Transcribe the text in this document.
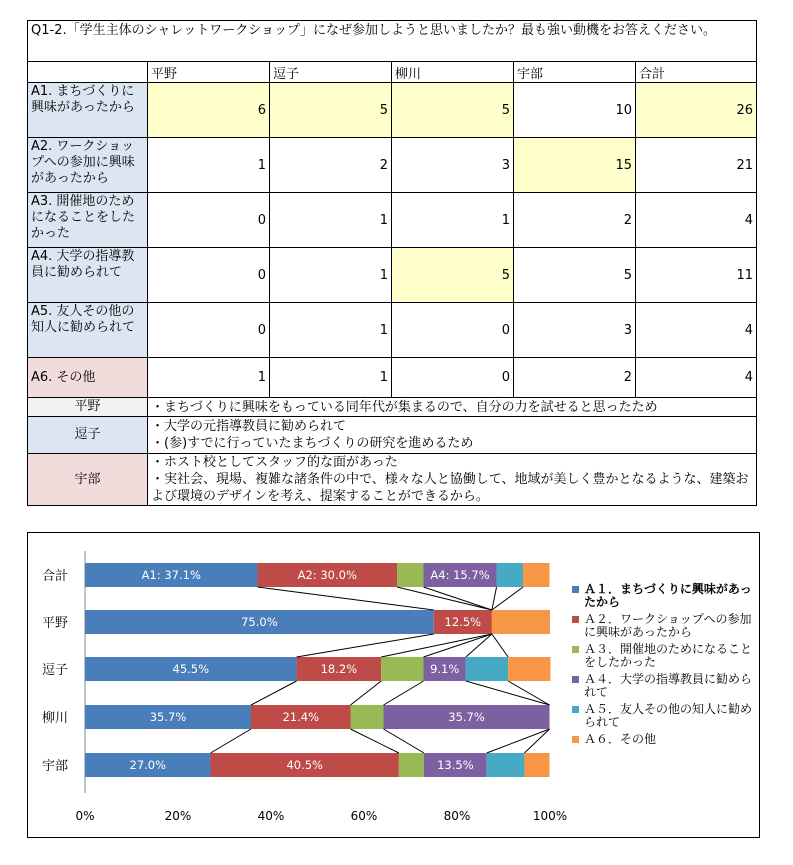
Q1-2.「学生主体のシャレットワークショップ」になぜ参加しようと思いましたか？最も強い動機をお答えください。					
	平野	逗子	柳川	宇部	合計
A1. まちづくりに興味があったから	6	5	5	10	26
A2. ワークショップへの参加に興味があったから	1	2	3	15	21
A3. 開催地のためになることをしたかった	0	1	1	2	4
A4. 大学の指導教員に勧められて	0	1	5	5	11
A5. 友人その他の知人に勧められて	0	1	0	3	4
A6. その他	1	1	0	2	4
平野	・まちづくりに興味をもっている同年代が集まるので、自分の力を試せると思ったため				

逗子	・大学の元指導教員に勧められて
・(参)すでに行っていたまちづくりの研究を進めるため				

宇部	・ホスト校としてスタッフ的な面があった
・実社会、現場、複雑な諸条件の中で、様々な人と協働して、地域が美しく豊かとなるような、建築および環境のデザインを考え、提案することができるから。				
A1: 37.1%	A2: 30.0%	A4: 15.7%
合計
75.0%	12.5%
平野
45.5%	18.2%	9.1%
逗子
35.7%	21.4%	35.7%
柳川
27.0%	40.5%	13.5%
宇部
0%	20%	40%	60%	80%	100%
Ａ１．まちづくりに興味があったから
Ａ２．ワークショップへの参加に興味があったから
Ａ３．開催地のためになることをしたかった
Ａ４．大学の指導教員に勧められて
Ａ５．友人その他の知人に勧められて
Ａ６．その他
